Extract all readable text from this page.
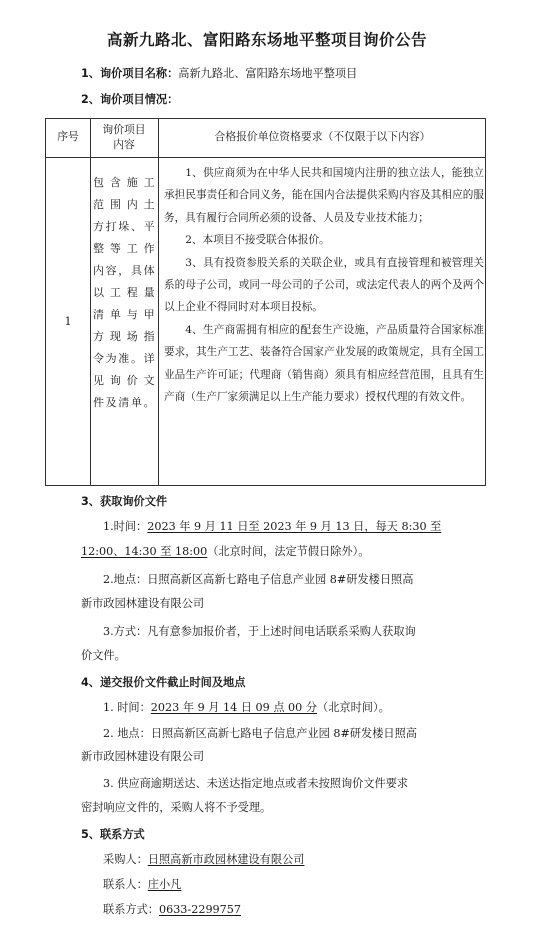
高新九路北、富阳路东场地平整项目询价公告
1、询价项目名称：高新九路北、富阳路东场地平整项目
2、询价项目情况：
序号
询价项目
内容
合格报价单位资格要求（不仅限于以下内容）
1
包含施工
范围内土
方打垛、平
整等工作
内容，具体
以工程量
清单与甲
方现场指
令为准。详
见询价文
件及清单。
1、供应商须为在中华人民共和国境内注册的独立法人，能独立承担民事责任和合同义务，能在国内合法提供采购内容及其相应的服务，具有履行合同所必须的设备、人员及专业技术能力；
2、本项目不接受联合体报价。
3、具有投资参股关系的关联企业，或具有直接管理和被管理关系的母子公司，或同一母公司的子公司，或法定代表人的两个及两个以上企业不得同时对本项目投标。
4、生产商需拥有相应的配套生产设施，产品质量符合国家标准要求，其生产工艺、装备符合国家产业发展的政策规定，具有全国工业品生产许可证；代理商（销售商）须具有相应经营范围，且具有生产商（生产厂家须满足以上生产能力要求）授权代理的有效文件。
3、获取询价文件
1.时间：2023 年 9 月 11 日至 2023 年 9 月 13 日，每天 8:30 至
12:00、14:30 至 18:00（北京时间，法定节假日除外）。
2.地点：日照高新区高新七路电子信息产业园 8#研发楼日照高
新市政园林建设有限公司
3.方式：凡有意参加报价者，于上述时间电话联系采购人获取询
价文件。
4、递交报价文件截止时间及地点
1. 时间：2023 年 9 月 14 日 09 点 00 分（北京时间）。
2. 地点：日照高新区高新七路电子信息产业园 8#研发楼日照高
新市政园林建设有限公司
3. 供应商逾期送达、未送达指定地点或者未按照询价文件要求
密封响应文件的，采购人将不予受理。
5、联系方式
采购人：日照高新市政园林建设有限公司
联系人：庄小凡
联系方式：0633-2299757
